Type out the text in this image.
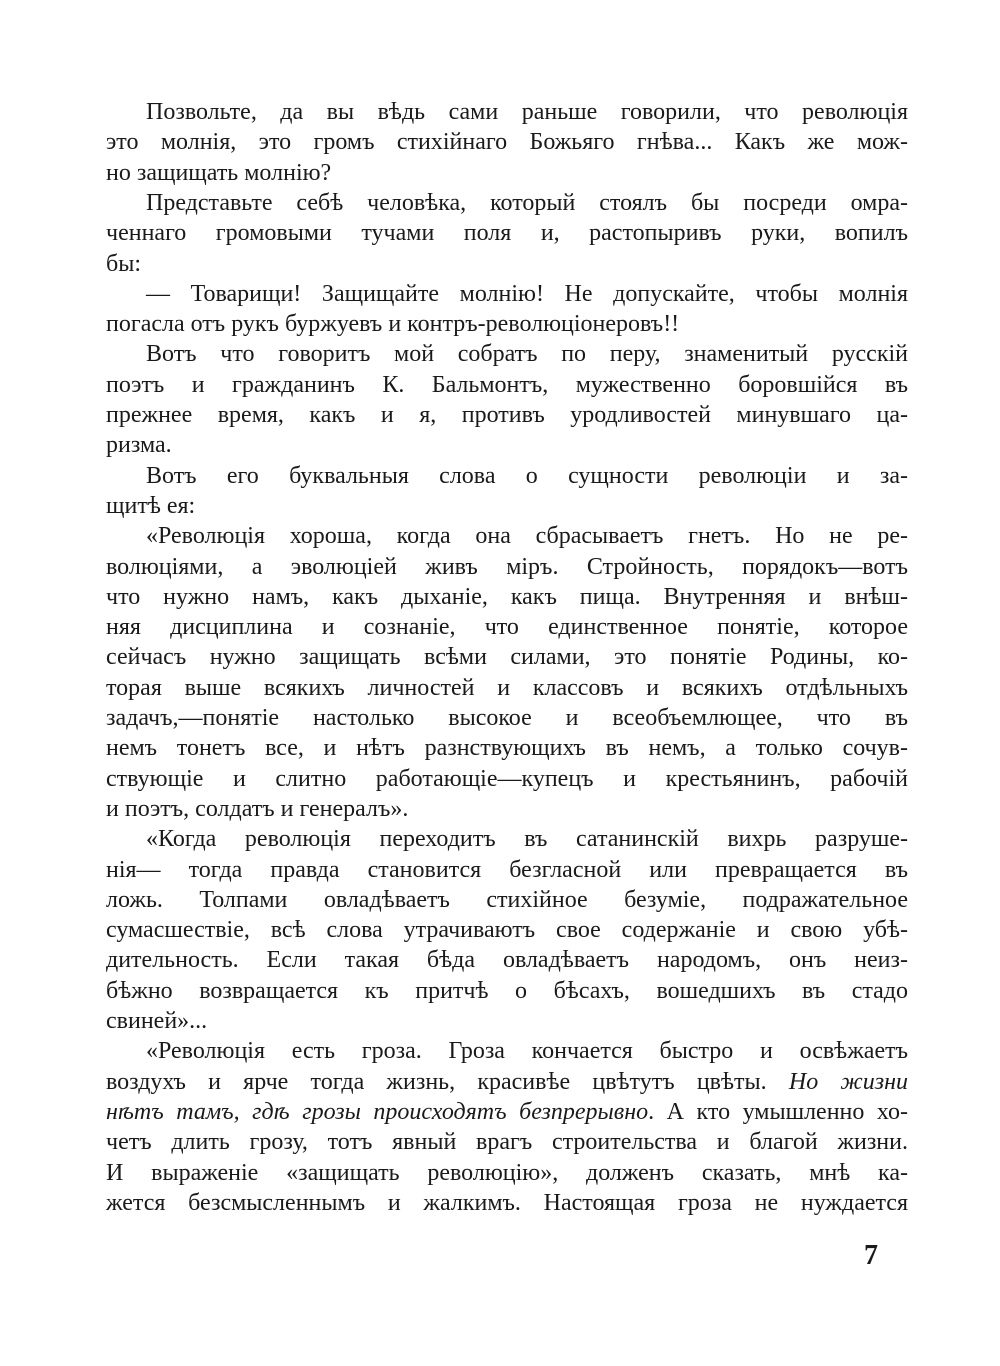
Позвольте, да вы вѣдь сами раньше говорили, что революція
это молнія, это громъ стихійнаго Божьяго гнѣва... Какъ же мож-
но защищать молнію?
Представьте себѣ человѣка, который стоялъ бы посреди омра-
ченнаго громовыми тучами поля и, растопыривъ руки, вопилъ
бы:
— Товарищи! Защищайте молнію! Не допускайте, чтобы молнія
погасла отъ рукъ буржуевъ и контръ-революціонеровъ!!
Вотъ что говоритъ мой собратъ по перу, знаменитый русскій
поэтъ и гражданинъ К. Бальмонтъ, мужественно боровшійся въ
прежнее время, какъ и я, противъ уродливостей минувшаго ца-
ризма.
Вотъ его буквальныя слова о сущности революціи и за-
щитѣ ея:
«Революція хороша, когда она сбрасываетъ гнетъ. Но не ре-
волюціями, а эволюціей живъ міръ. Стройность, порядокъ—вотъ
что нужно намъ, какъ дыханіе, какъ пища. Внутренняя и внѣш-
няя дисциплина и сознаніе, что единственное понятіе, которое
сейчасъ нужно защищать всѣми силами, это понятіе Родины, ко-
торая выше всякихъ личностей и классовъ и всякихъ отдѣльныхъ
задачъ,—понятіе настолько высокое и всеобъемлющее, что въ
немъ тонетъ все, и нѣтъ разнствующихъ въ немъ, а только сочув-
ствующіе и слитно работающіе—купецъ и крестьянинъ, рабочій
и поэтъ, солдатъ и генералъ».
«Когда революція переходитъ въ сатанинскій вихрь разруше-
нія— тогда правда становится безгласной или превращается въ
ложь. Толпами овладѣваетъ стихійное безуміе, подражательное
сумасшествіе, всѣ слова утрачиваютъ свое содержаніе и свою убѣ-
дительность. Если такая бѣда овладѣваетъ народомъ, онъ неиз-
бѣжно возвращается къ притчѣ о бѣсахъ, вошедшихъ въ стадо
свиней»...
«Революція есть гроза. Гроза кончается быстро и освѣжаетъ
воздухъ и ярче тогда жизнь, красивѣе цвѣтутъ цвѣты. Но жизни
нѣтъ тамъ, гдѣ грозы происходятъ безпрерывно. А кто умышленно хо-
четъ длить грозу, тотъ явный врагъ строительства и благой жизни.
И выраженіе «защищать революцію», долженъ сказать, мнѣ ка-
жется безсмысленнымъ и жалкимъ. Настоящая гроза не нуждается
7
